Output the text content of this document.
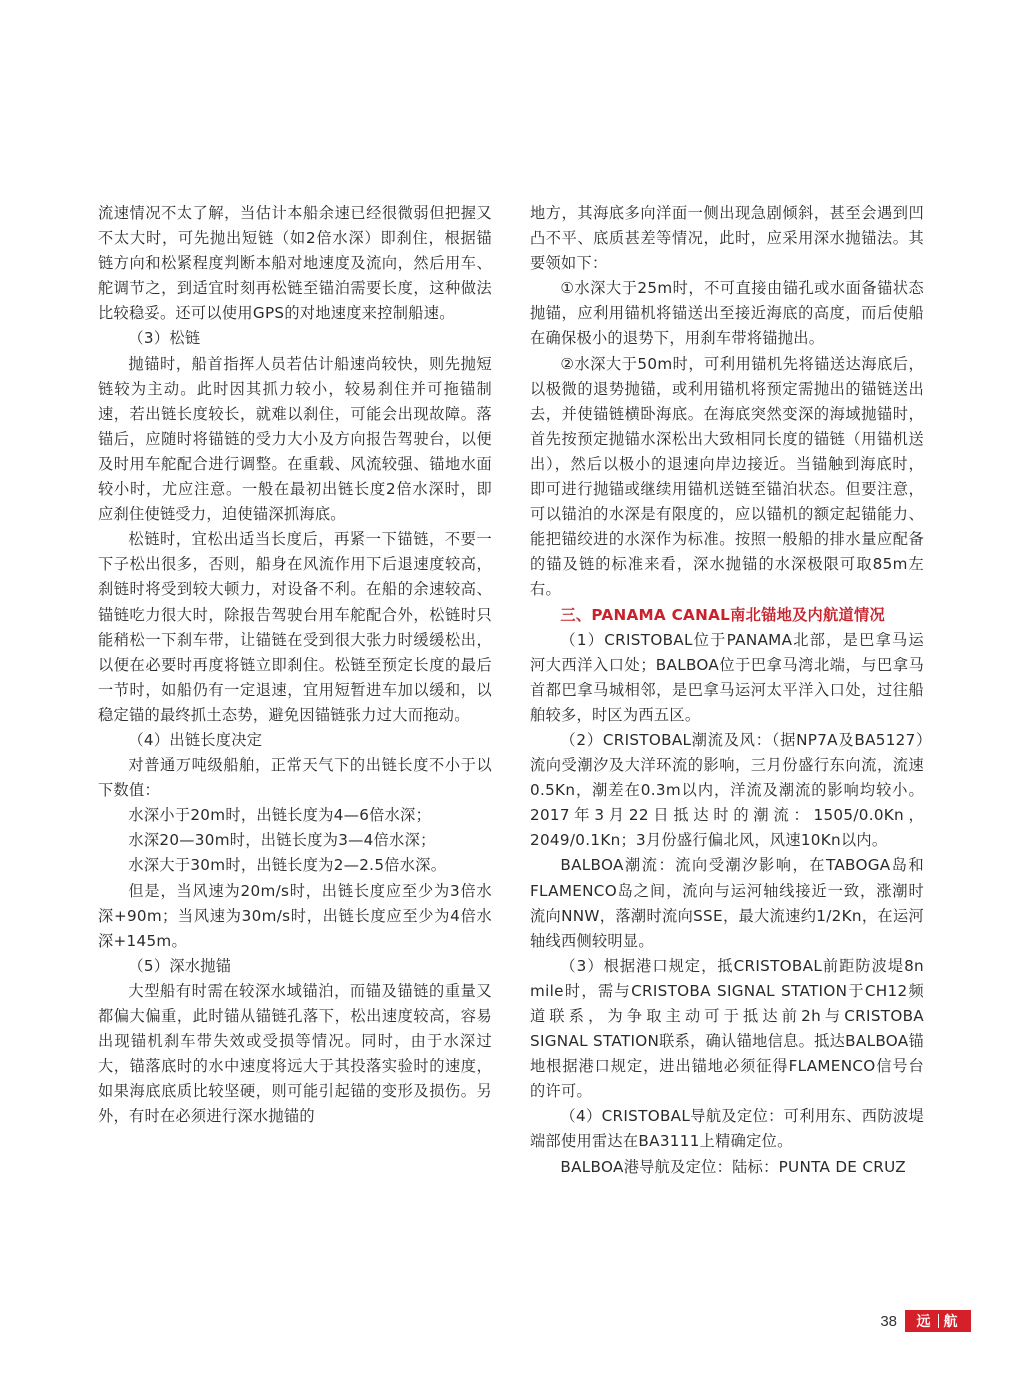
流速情况不太了解，当估计本船余速已经很微弱但把握又不太大时，可先抛出短链（如2倍水深）即刹住，根据锚链方向和松紧程度判断本船对地速度及流向，然后用车、舵调节之，到适宜时刻再松链至锚泊需要长度，这种做法比较稳妥。还可以使用GPS的对地速度来控制船速。

（3）松链

抛锚时，船首指挥人员若估计船速尚较快，则先抛短链较为主动。此时因其抓力较小，较易刹住并可拖锚制速，若出链长度较长，就难以刹住，可能会出现故障。落锚后，应随时将锚链的受力大小及方向报告驾驶台，以便及时用车舵配合进行调整。在重载、风流较强、锚地水面较小时，尤应注意。一般在最初出链长度2倍水深时，即应刹住使链受力，迫使锚深抓海底。

松链时，宜松出适当长度后，再紧一下锚链，不要一下子松出很多，否则，船身在风流作用下后退速度较高，刹链时将受到较大顿力，对设备不利。在船的余速较高、锚链吃力很大时，除报告驾驶台用车舵配合外，松链时只能稍松一下刹车带，让锚链在受到很大张力时缓缓松出，以便在必要时再度将链立即刹住。松链至预定长度的最后一节时，如船仍有一定退速，宜用短暂进车加以缓和，以稳定锚的最终抓土态势，避免因锚链张力过大而拖动。

（4）出链长度决定

对普通万吨级船舶，正常天气下的出链长度不小于以下数值：

水深小于20m时，出链长度为4—6倍水深；

水深20—30m时，出链长度为3—4倍水深；

水深大于30m时，出链长度为2—2.5倍水深。

但是，当风速为20m/s时，出链长度应至少为3倍水深+90m；当风速为30m/s时，出链长度应至少为4倍水深+145m。

（5）深水抛锚

大型船有时需在较深水域锚泊，而锚及锚链的重量又都偏大偏重，此时锚从锚链孔落下，松出速度较高，容易出现锚机刹车带失效或受损等情况。同时，由于水深过大，锚落底时的水中速度将远大于其投落实验时的速度，如果海底底质比较坚硬，则可能引起锚的变形及损伤。另外，有时在必须进行深水抛锚的

地方，其海底多向洋面一侧出现急剧倾斜，甚至会遇到凹凸不平、底质甚差等情况，此时，应采用深水抛锚法。其要领如下：

①水深大于25m时，不可直接由锚孔或水面备锚状态抛锚，应利用锚机将锚送出至接近海底的高度，而后使船在确保极小的退势下，用刹车带将锚抛出。

②水深大于50m时，可利用锚机先将锚送达海底后，以极微的退势抛锚，或利用锚机将预定需抛出的锚链送出去，并使锚链横卧海底。在海底突然变深的海域抛锚时，首先按预定抛锚水深松出大致相同长度的锚链（用锚机送出），然后以极小的退速向岸边接近。当锚触到海底时，即可进行抛锚或继续用锚机送链至锚泊状态。但要注意，可以锚泊的水深是有限度的，应以锚机的额定起锚能力、能把锚绞进的水深作为标准。按照一般船的排水量应配备的锚及链的标准来看，深水抛锚的水深极限可取85m左右。

三、PANAMA CANAL南北锚地及内航道情况

（1）CRISTOBAL位于PANAMA北部，是巴拿马运河大西洋入口处；BALBOA位于巴拿马湾北端，与巴拿马首都巴拿马城相邻，是巴拿马运河太平洋入口处，过往船舶较多，时区为西五区。

（2）CRISTOBAL潮流及风：（据NP7A及BA5127）流向受潮汐及大洋环流的影响，三月份盛行东向流，流速0.5Kn，潮差在0.3m以内，洋流及潮流的影响均较小。2017年3月22日抵达时的潮流：1505/0.0Kn，2049/0.1Kn；3月份盛行偏北风，风速10Kn以内。

BALBOA潮流：流向受潮汐影响，在TABOGA岛和FLAMENCO岛之间，流向与运河轴线接近一致，涨潮时流向NNW，落潮时流向SSE，最大流速约1/2Kn，在运河轴线西侧较明显。

（3）根据港口规定，抵CRISTOBAL前距防波堤8n mile时，需与CRISTOBA SIGNAL STATION于CH12频道联系，为争取主动可于抵达前2h与CRISTOBA SIGNAL STATION联系，确认锚地信息。抵达BALBOA锚地根据港口规定，进出锚地必须征得FLAMENCO信号台的许可。

（4）CRISTOBAL导航及定位：可利用东、西防波堤端部使用雷达在BA3111上精确定位。

BALBOA港导航及定位：陆标：PUNTA DE CRUZ

38 远 航
